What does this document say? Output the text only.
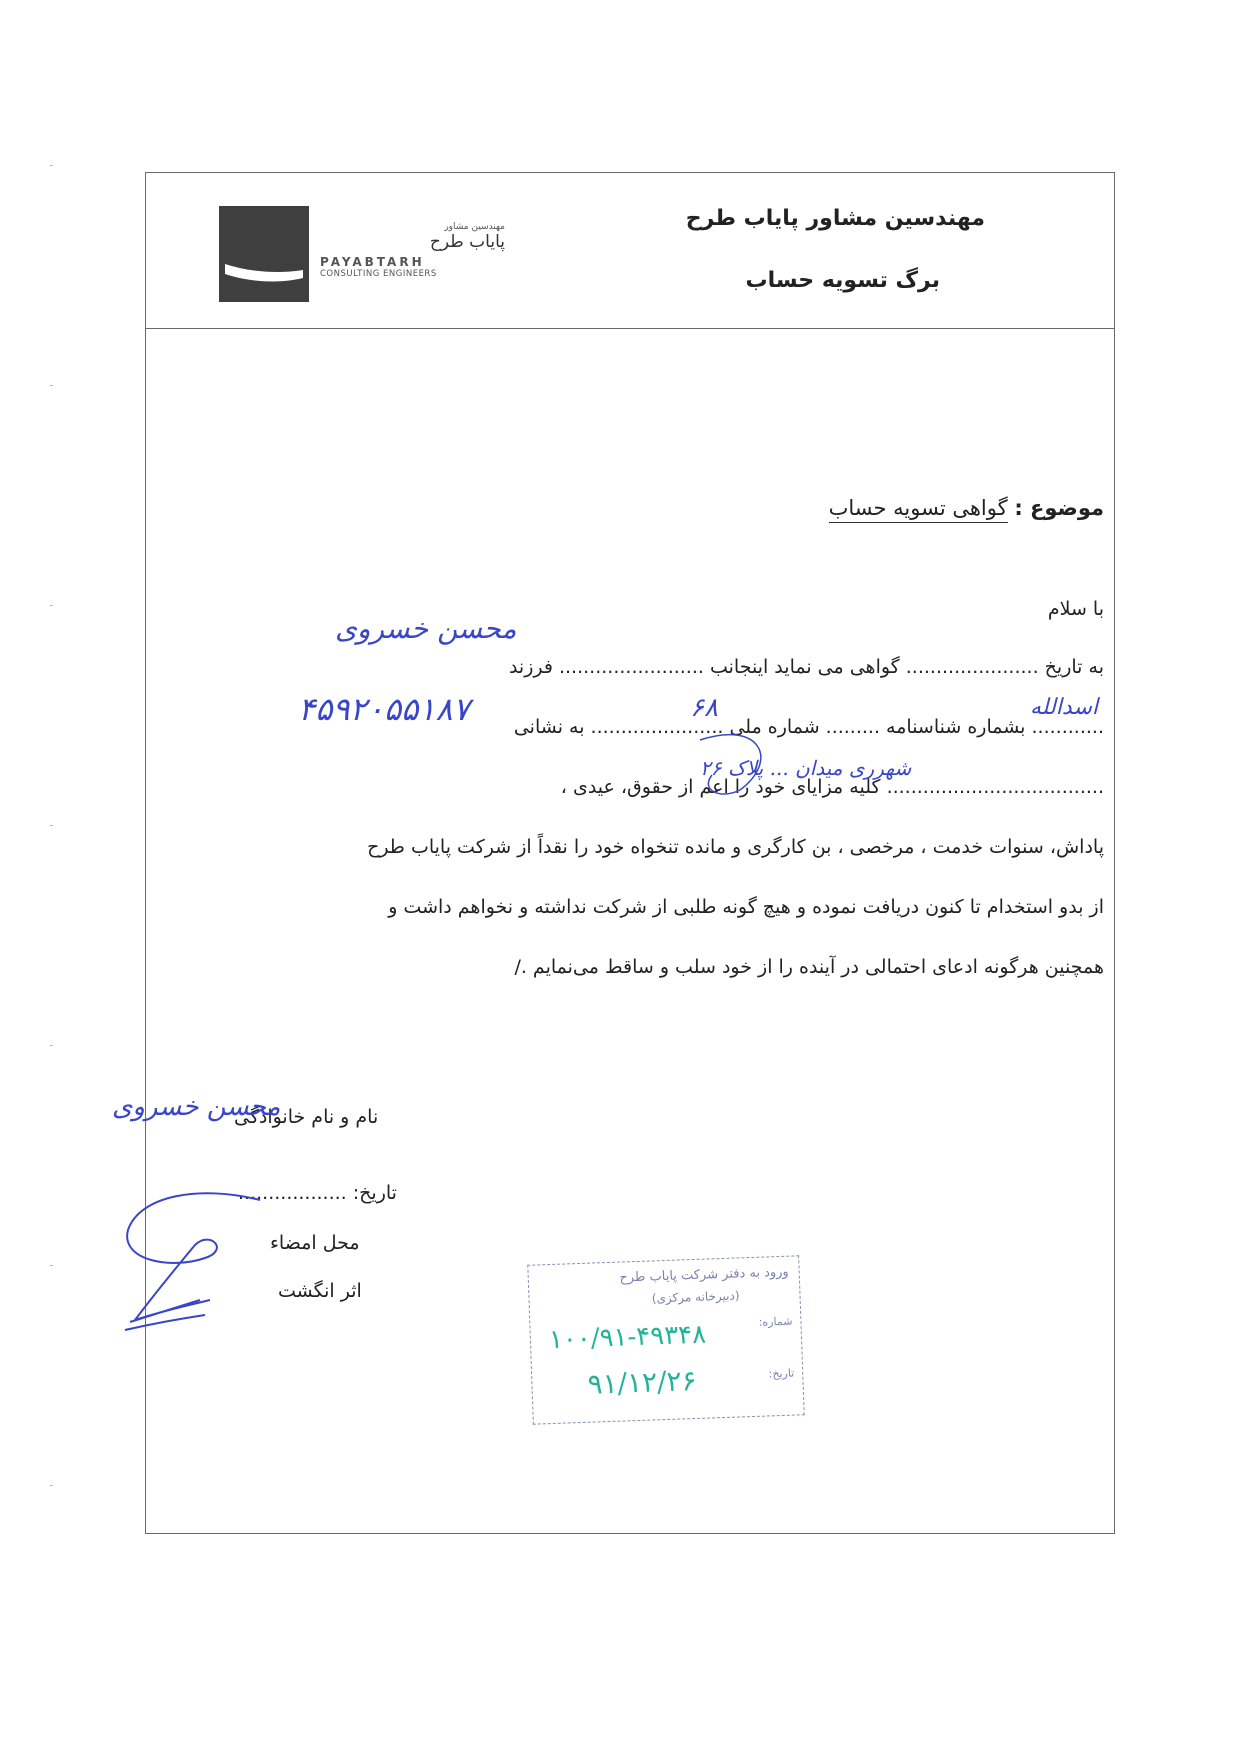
مهندسین مشاور پایاب طرح
برگ تسویه حساب
مهندسین مشاور
پایاب طرح
PAYABTARH
CONSULTING ENGINEERS
موضوع : گواهی تسویه حساب
با سلام
به تاریخ ...................... گواهی می نماید اینجانب ........................ فرزند
............ بشماره شناسنامه ......... شماره ملی ...................... به نشانی
.................................... کلیه مزایای خود را اعم از حقوق، عیدی ،
پاداش، سنوات خدمت ، مرخصی ، بن کارگری و مانده تنخواه خود را نقداً از شرکت پایاب طرح
از بدو استخدام تا کنون دریافت نموده و هیچ گونه طلبی از شرکت نداشته و نخواهم داشت و
همچنین هرگونه ادعای احتمالی در آینده را از خود سلب و ساقط می‌نمایم ./
محسن خسروی
اسدالله
۶۸
۴۵۹۲۰۵۵۱۸۷
شهرری میدان ... پلاک ۲۶
نام و نام خانوادگی
محسن خسروی
تاریخ: ..................
محل امضاء
اثر انگشت
ورود به دفتر شرکت پایاب طرح
(دبیرخانه مرکزی)
شماره:
تاریخ:
۱۰۰/۹۱-۴۹۳۴۸
۹۱/۱۲/۲۶
